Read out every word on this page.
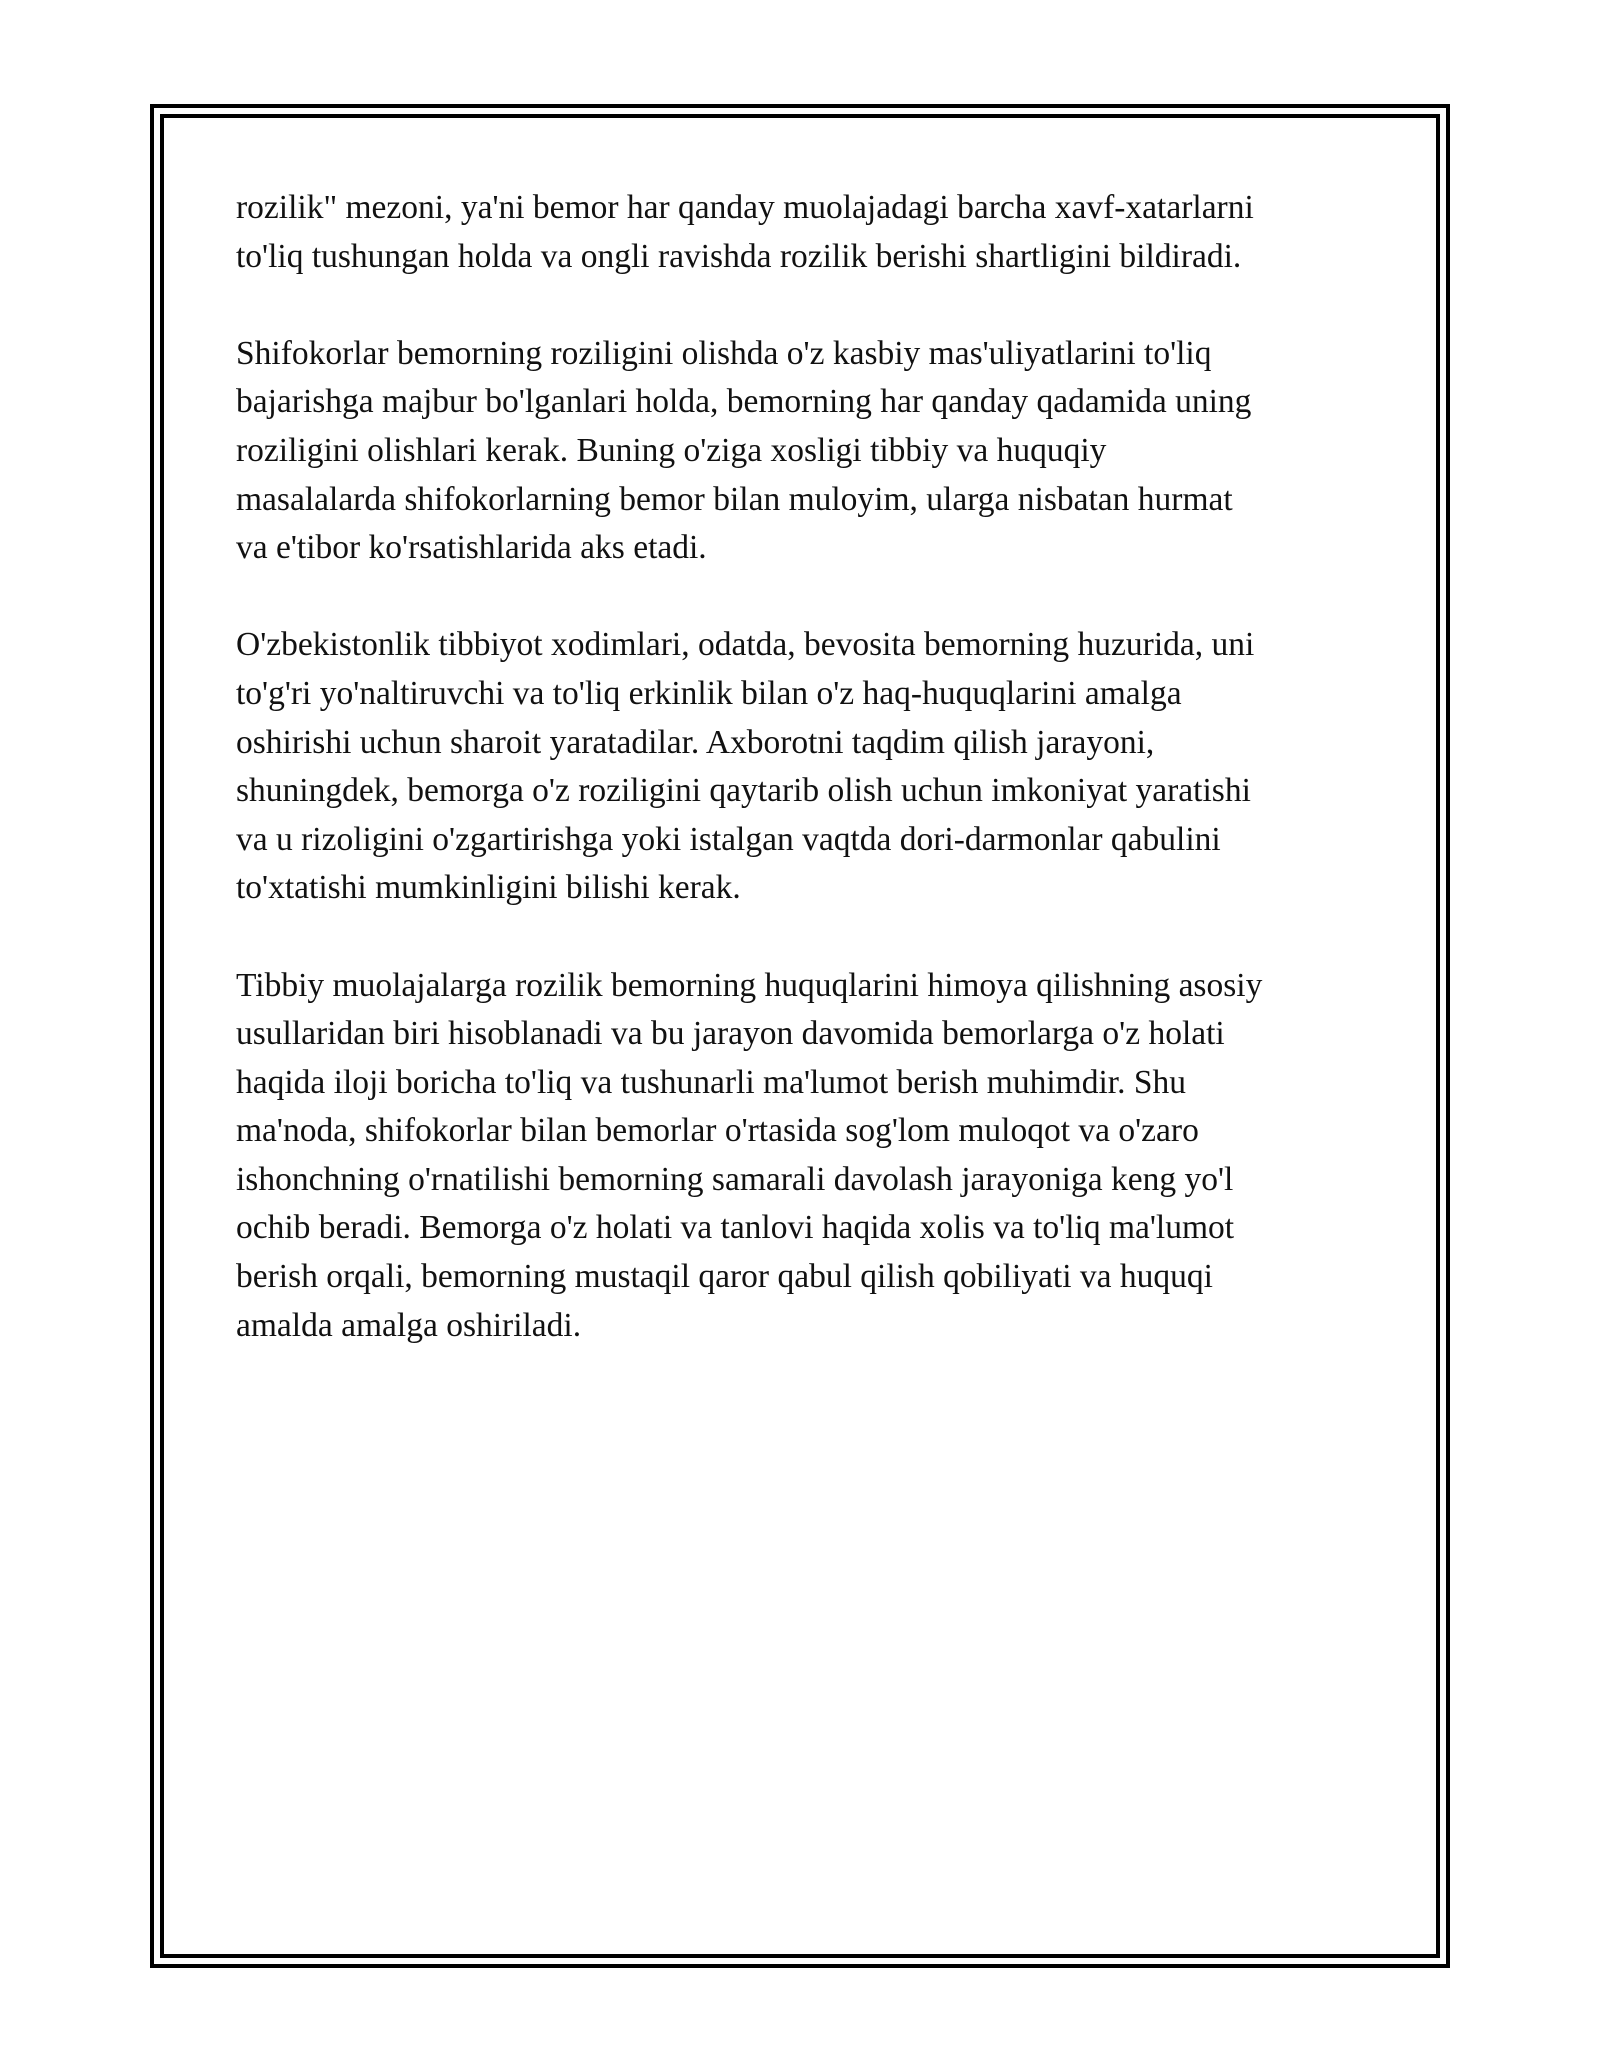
rozilik" mezoni, ya'ni bemor har qanday muolajadagi barcha xavf-xatarlarni
to'liq tushungan holda va ongli ravishda rozilik berishi shartligini bildiradi.

Shifokorlar bemorning roziligini olishda o'z kasbiy mas'uliyatlarini to'liq
bajarishga majbur bo'lganlari holda, bemorning har qanday qadamida uning
roziligini olishlari kerak. Buning o'ziga xosligi tibbiy va huquqiy
masalalarda shifokorlarning bemor bilan muloyim, ularga nisbatan hurmat
va e'tibor ko'rsatishlarida aks etadi.

O'zbekistonlik tibbiyot xodimlari, odatda, bevosita bemorning huzurida, uni
to'g'ri yo'naltiruvchi va to'liq erkinlik bilan o'z haq-huquqlarini amalga
oshirishi uchun sharoit yaratadilar. Axborotni taqdim qilish jarayoni,
shuningdek, bemorga o'z roziligini qaytarib olish uchun imkoniyat yaratishi
va u rizoligini o'zgartirishga yoki istalgan vaqtda dori-darmonlar qabulini
to'xtatishi mumkinligini bilishi kerak.

Tibbiy muolajalarga rozilik bemorning huquqlarini himoya qilishning asosiy
usullaridan biri hisoblanadi va bu jarayon davomida bemorlarga o'z holati
haqida iloji boricha to'liq va tushunarli ma'lumot berish muhimdir. Shu
ma'noda, shifokorlar bilan bemorlar o'rtasida sog'lom muloqot va o'zaro
ishonchning o'rnatilishi bemorning samarali davolash jarayoniga keng yo'l
ochib beradi. Bemorga o'z holati va tanlovi haqida xolis va to'liq ma'lumot
berish orqali, bemorning mustaqil qaror qabul qilish qobiliyati va huquqi
amalda amalga oshiriladi.
